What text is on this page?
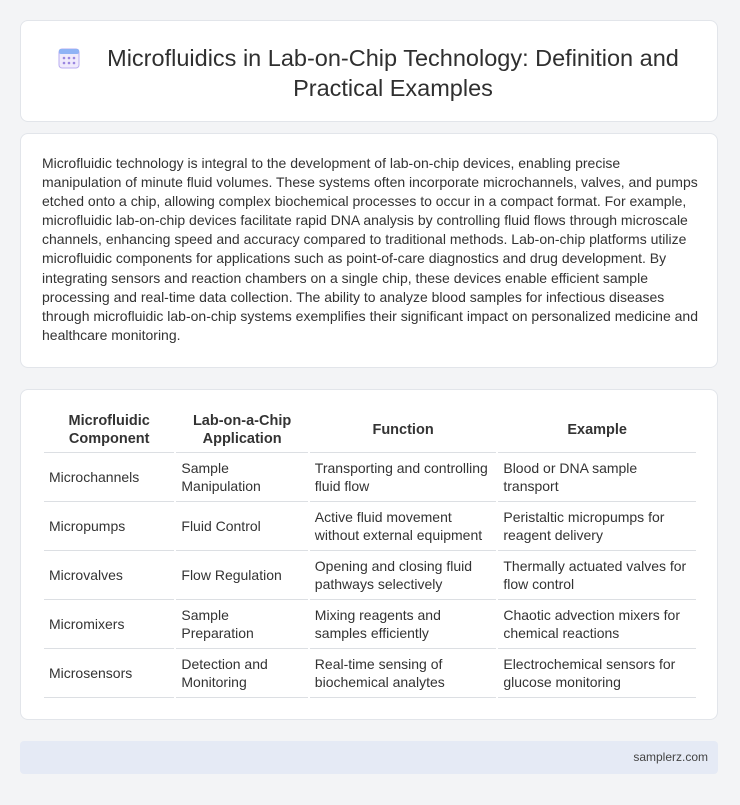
Microfluidics in Lab-on-Chip Technology: Definition and Practical Examples
Microfluidic technology is integral to the development of lab-on-chip devices, enabling precise manipulation of minute fluid volumes. These systems often incorporate microchannels, valves, and pumps etched onto a chip, allowing complex biochemical processes to occur in a compact format. For example, microfluidic lab-on-chip devices facilitate rapid DNA analysis by controlling fluid flows through microscale channels, enhancing speed and accuracy compared to traditional methods. Lab-on-chip platforms utilize microfluidic components for applications such as point-of-care diagnostics and drug development. By integrating sensors and reaction chambers on a single chip, these devices enable efficient sample processing and real-time data collection. The ability to analyze blood samples for infectious diseases through microfluidic lab-on-chip systems exemplifies their significant impact on personalized medicine and healthcare monitoring.
Microfluidic Component	Lab-on-a-Chip Application	Function	Example
Microchannels	Sample Manipulation	Transporting and controlling fluid flow	Blood or DNA sample transport
Micropumps	Fluid Control	Active fluid movement without external equipment	Peristaltic micropumps for reagent delivery
Microvalves	Flow Regulation	Opening and closing fluid pathways selectively	Thermally actuated valves for flow control
Micromixers	Sample Preparation	Mixing reagents and samples efficiently	Chaotic advection mixers for chemical reactions
Microsensors	Detection and Monitoring	Real-time sensing of biochemical analytes	Electrochemical sensors for glucose monitoring
samplerz.com
